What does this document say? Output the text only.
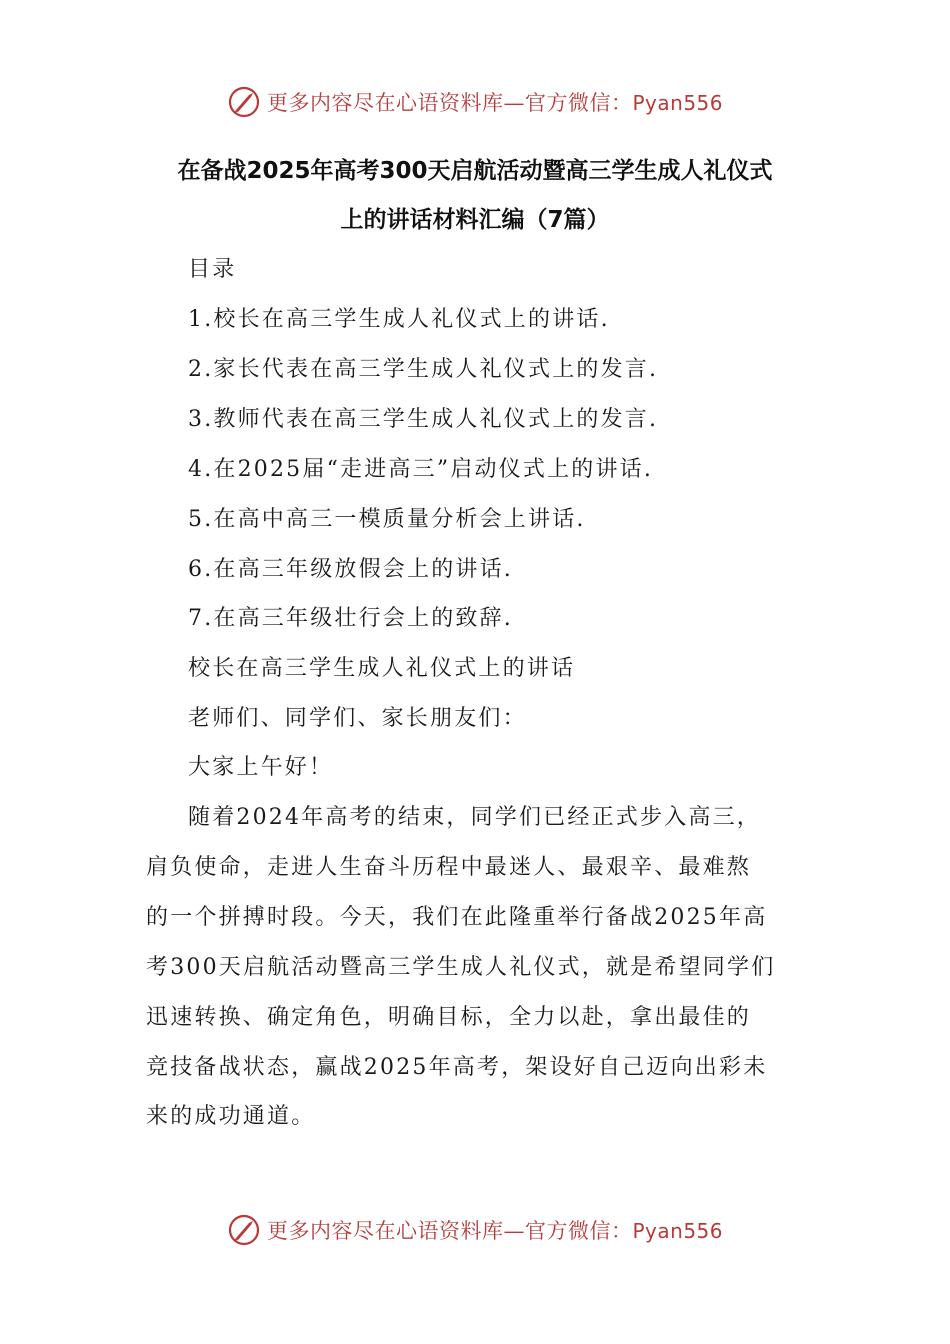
更多内容尽在心语资料库—官方微信：Pyan556
在备战2025年高考300天启航活动暨高三学生成人礼仪式
上的讲话材料汇编（7篇）
目录
1.校长在高三学生成人礼仪式上的讲话.
2.家长代表在高三学生成人礼仪式上的发言.
3.教师代表在高三学生成人礼仪式上的发言.
4.在2025届“走进高三”启动仪式上的讲话.
5.在高中高三一模质量分析会上讲话.
6.在高三年级放假会上的讲话.
7.在高三年级壮行会上的致辞.
校长在高三学生成人礼仪式上的讲话
老师们、同学们、家长朋友们：
大家上午好！
随着2024年高考的结束，同学们已经正式步入高三，
肩负使命，走进人生奋斗历程中最迷人、最艰辛、最难熬
的一个拼搏时段。今天，我们在此隆重举行备战2025年高
考300天启航活动暨高三学生成人礼仪式，就是希望同学们
迅速转换、确定角色，明确目标，全力以赴，拿出最佳的
竞技备战状态，赢战2025年高考，架设好自己迈向出彩未
来的成功通道。
更多内容尽在心语资料库—官方微信：Pyan556
